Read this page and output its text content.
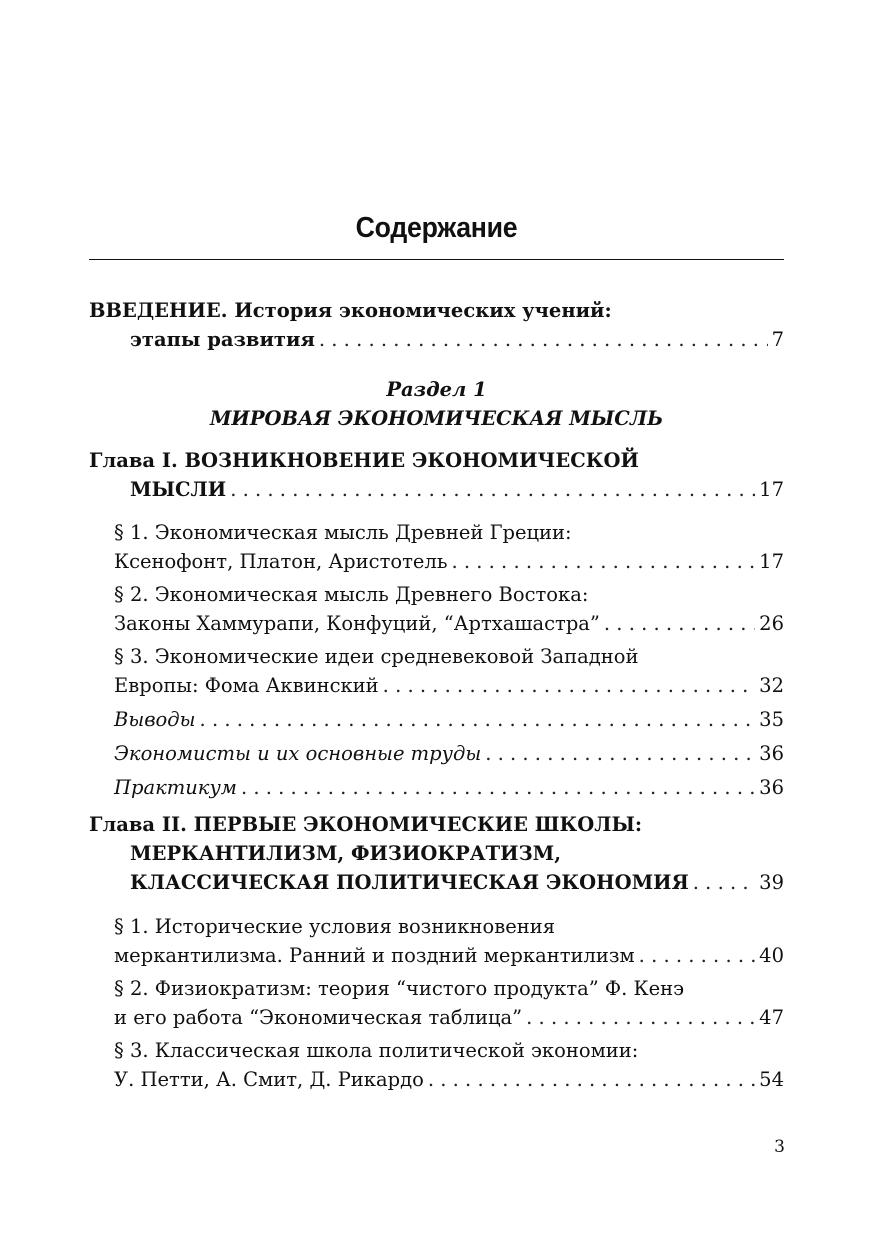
Содержание
ВВЕДЕНИЕ. История экономических учений:
этапы развития . . .	7
Раздел 1
МИРОВАЯ ЭКОНОМИЧЕСКАЯ МЫСЛЬ
Глава I. ВОЗНИКНОВЕНИЕ ЭКОНОМИЧЕСКОЙ
МЫСЛИ . . .	17
§ 1. Экономическая мысль Древней Греции:
Ксенофонт, Платон, Аристотель . . .	17
§ 2. Экономическая мысль Древнего Востока:
Законы Хаммурапи, Конфуций, “Артхашастра” . . .	26
§ 3. Экономические идеи средневековой Западной
Европы: Фома Аквинский . . .	32
Выводы . . .	35
Экономисты и их основные труды . . .	36
Практикум . . .	36
Глава II. ПЕРВЫЕ ЭКОНОМИЧЕСКИЕ ШКОЛЫ:
МЕРКАНТИЛИЗМ, ФИЗИОКРАТИЗМ,
КЛАССИЧЕСКАЯ ПОЛИТИЧЕСКАЯ ЭКОНОМИЯ . . .	39
§ 1. Исторические условия возникновения
меркантилизма. Ранний и поздний меркантилизм . . .	40
§ 2. Физиократизм: теория “чистого продукта” Ф. Кенэ
и его работа “Экономическая таблица” . . .	47
§ 3. Классическая школа политической экономии:
У. Петти, А. Смит, Д. Рикардо . . .	54
3
